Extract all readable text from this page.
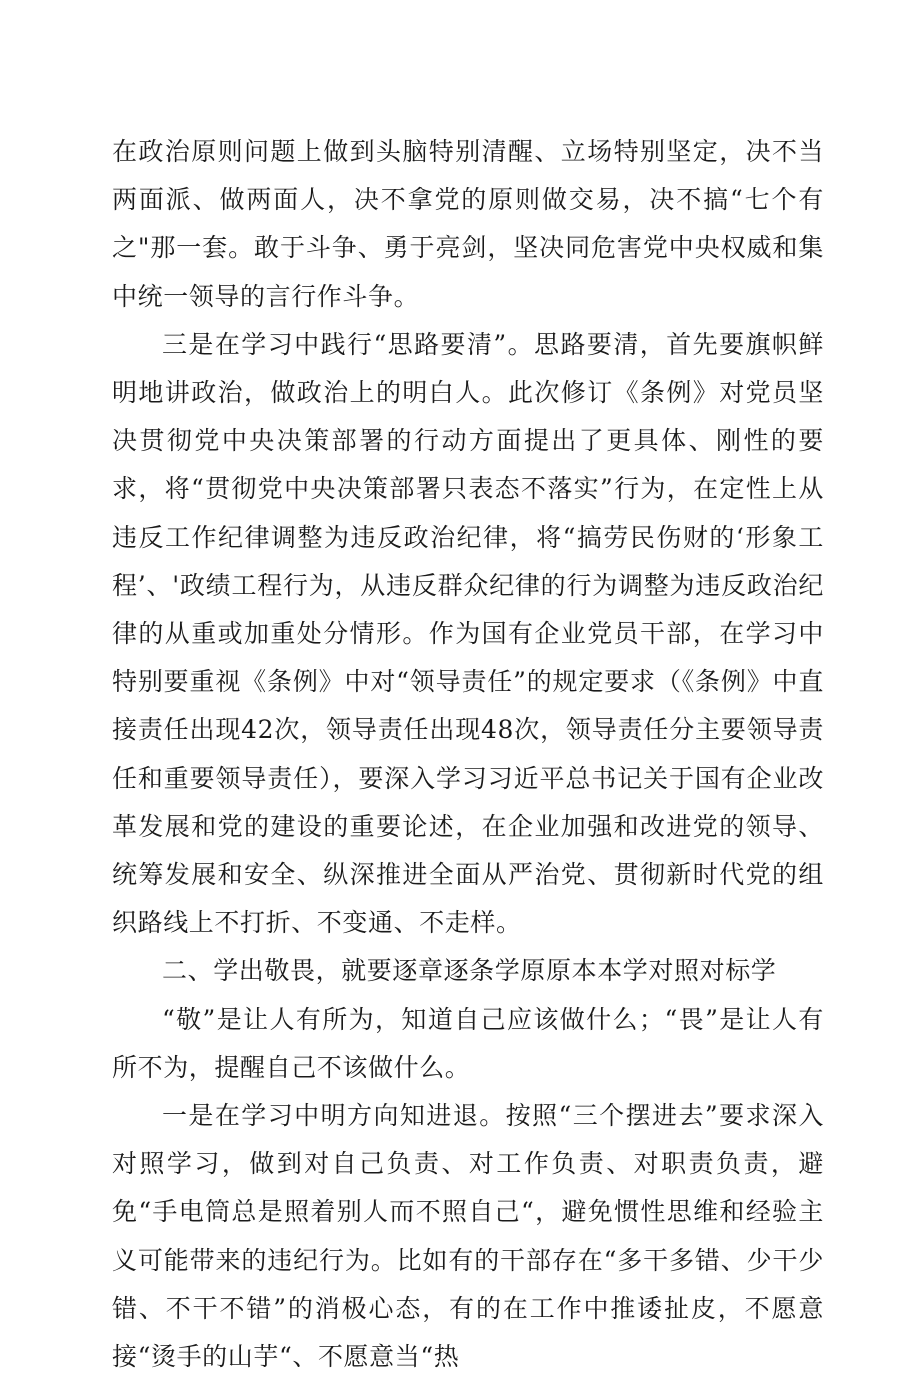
在政治原则问题上做到头脑特别清醒、立场特别坚定，决不当两面派、做两面人，决不拿党的原则做交易，决不搞“七个有之"那一套。敢于斗争、勇于亮剑，坚决同危害党中央权威和集中统一领导的言行作斗争。

三是在学习中践行“思路要清”。思路要清，首先要旗帜鲜明地讲政治，做政治上的明白人。此次修订《条例》对党员坚决贯彻党中央决策部署的行动方面提出了更具体、刚性的要求，将“贯彻党中央决策部署只表态不落实”行为，在定性上从违反工作纪律调整为违反政治纪律，将“搞劳民伤财的‘形象工程’、'政绩工程行为，从违反群众纪律的行为调整为违反政治纪律的从重或加重处分情形。作为国有企业党员干部，在学习中特别要重视《条例》中对“领导责任”的规定要求（《条例》中直接责任出现42次，领导责任出现48次，领导责任分主要领导责任和重要领导责任），要深入学习习近平总书记关于国有企业改革发展和党的建设的重要论述，在企业加强和改进党的领导、统筹发展和安全、纵深推进全面从严治党、贯彻新时代党的组织路线上不打折、不变通、不走样。

二、学出敬畏，就要逐章逐条学原原本本学对照对标学

“敬”是让人有所为，知道自己应该做什么；“畏”是让人有所不为，提醒自己不该做什么。

一是在学习中明方向知进退。按照“三个摆进去”要求深入对照学习，做到对自己负责、对工作负责、对职责负责，避免“手电筒总是照着别人而不照自己“，避免惯性思维和经验主义可能带来的违纪行为。比如有的干部存在“多干多错、少干少错、不干不错”的消极心态，有的在工作中推诿扯皮，不愿意接“烫手的山芋“、不愿意当“热
